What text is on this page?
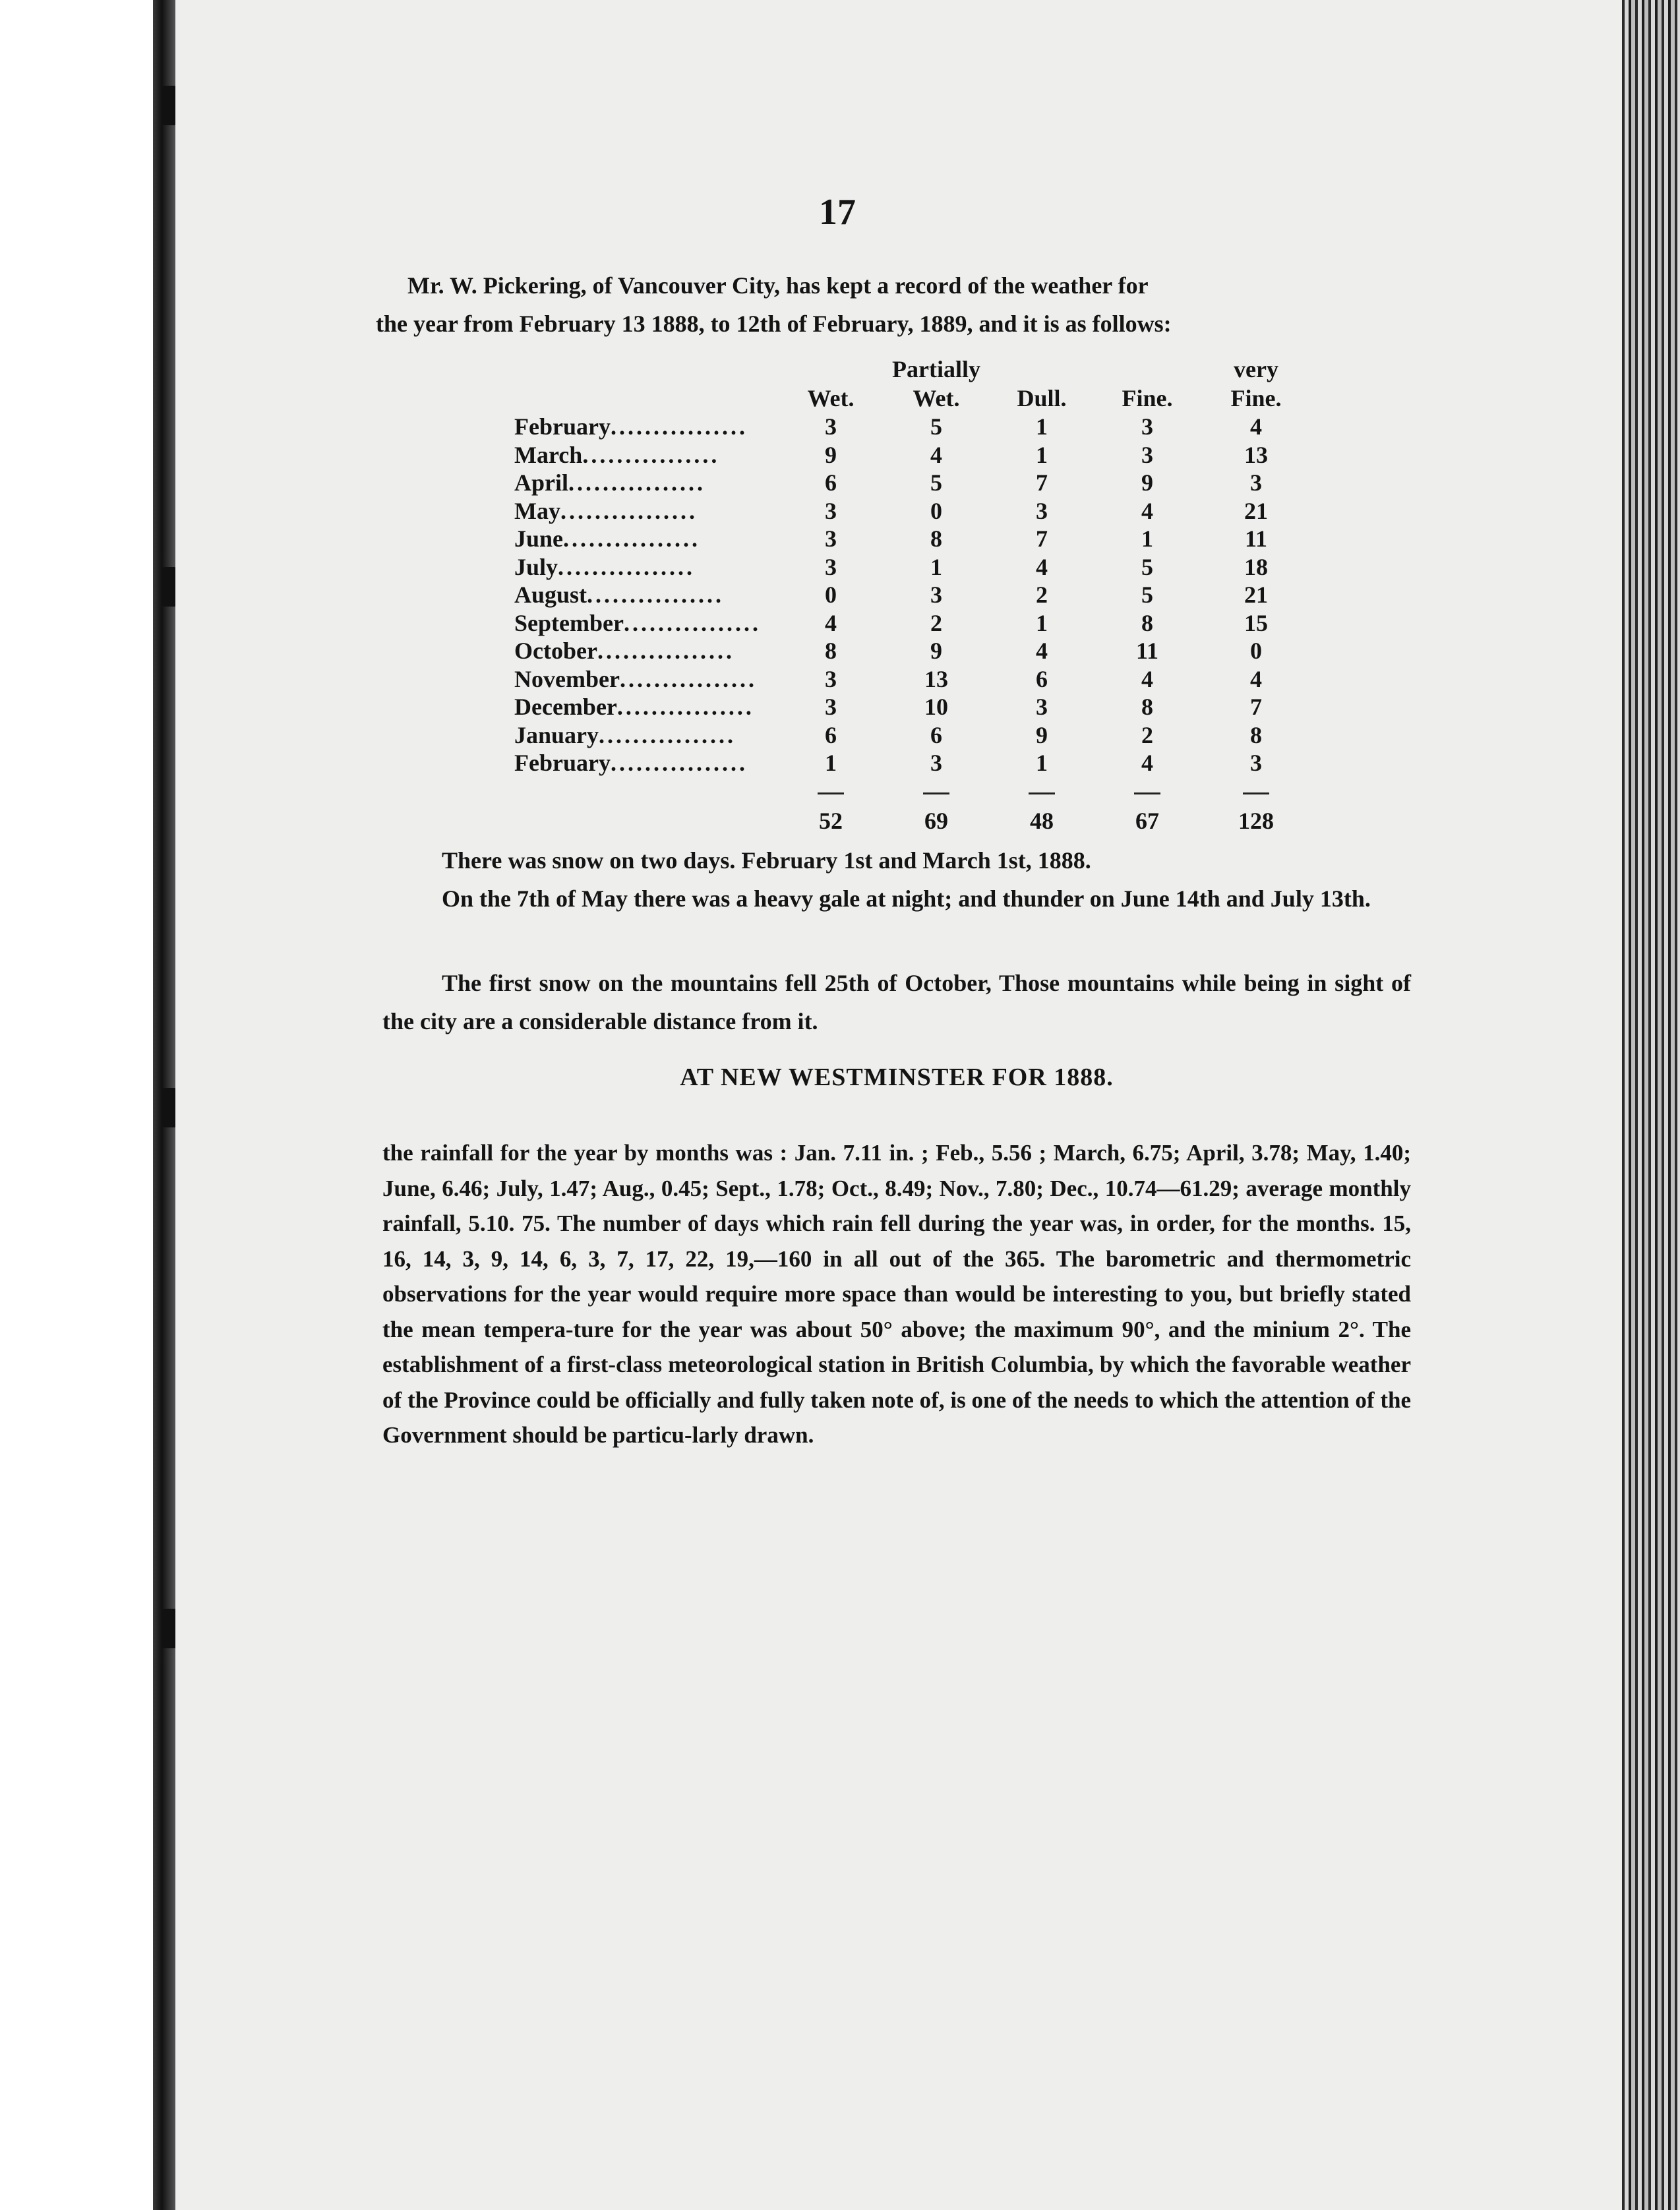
17

Mr. W. Pickering, of Vancouver City, has kept a record of the weather for
the year from February 13 1888, to 12th of February, 1889, and it is as follows:

		Partially			very
	Wet.	Wet.	Dull.	Fine.	Fine.
February................	3	5	1	3	4
March................	9	4	1	3	13
April................	6	5	7	9	3
May................	3	0	3	4	21
June................	3	8	7	1	11
July................	3	1	4	5	18
August................	0	3	2	5	21
September................	4	2	1	8	15
October................	8	9	4	11	0
November................	3	13	6	4	4
December................	3	10	3	8	7
January................	6	6	9	2	8
February................	1	3	1	4	3

	52	69	48	67	128

There was snow on two days. February 1st and March 1st, 1888.

On the 7th of May there was a heavy gale at night; and thunder on June 14th and July 13th.

The first snow on the mountains fell 25th of October, Those mountains while being in sight of the city are a considerable distance from it.

AT NEW WESTMINSTER FOR 1888.

the rainfall for the year by months was : Jan. 7.11 in. ; Feb., 5.56 ; March, 6.75; April, 3.78; May, 1.40; June, 6.46; July, 1.47; Aug., 0.45; Sept., 1.78; Oct., 8.49; Nov., 7.80; Dec., 10.74—61.29; average monthly rainfall, 5.10. 75. The number of days which rain fell during the year was, in order, for the months. 15, 16, 14, 3, 9, 14, 6, 3, 7, 17, 22, 19,—160 in all out of the 365. The barometric and thermometric observations for the year would require more space than would be interesting to you, but briefly stated the mean tempera-ture for the year was about 50° above; the maximum 90°, and the minium 2°. The establishment of a first-class meteorological station in British Columbia, by which the favorable weather of the Province could be officially and fully taken note of, is one of the needs to which the attention of the Government should be particu-larly drawn.
